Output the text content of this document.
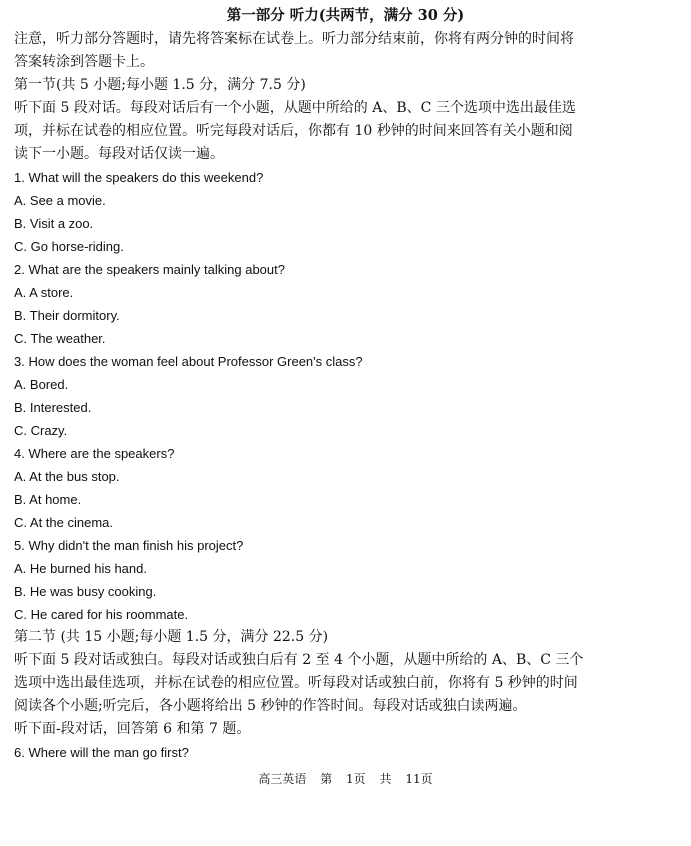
第一部分 听力(共两节，满分 30 分)

注意，听力部分答题时，请先将答案标在试卷上。听力部分结束前，你将有两分钟的时间将

答案转涂到答题卡上。

第一节(共 5 小题;每小题 1.5 分，满分 7.5 分)

听下面 5 段对话。每段对话后有一个小题，从题中所给的 A、B、C 三个选项中选出最佳选

项，并标在试卷的相应位置。听完每段对话后，你都有 10 秒钟的时间来回答有关小题和阅

读下一小题。每段对话仅读一遍。

1. What will the speakers do this weekend?

A. See a movie.

B. Visit a zoo.

C. Go horse-riding.

2. What are the speakers mainly talking about?

A. A store.

B. Their dormitory.

C. The weather.

3. How does the woman feel about Professor Green's class?

A. Bored.

B. Interested.

C. Crazy.

4. Where are the speakers?

A. At the bus stop.

B. At home.

C. At the cinema.

5. Why didn't the man finish his project?

A. He burned his hand.

B. He was busy cooking.

C. He cared for his roommate.

第二节 (共 15 小题;每小题 1.5 分，满分 22.5 分)

听下面 5 段对话或独白。每段对话或独白后有 2 至 4 个小题，从题中所给的 A、B、C 三个

选项中选出最佳选项，并标在试卷的相应位置。听每段对话或独白前，你将有 5 秒钟的时间

阅读各个小题;听完后，各小题将给出 5 秒钟的作答时间。每段对话或独白读两遍。

听下面-段对话，回答第 6 和第 7 题。

6. Where will the man go first?

高三英语 第 1页 共 11页
